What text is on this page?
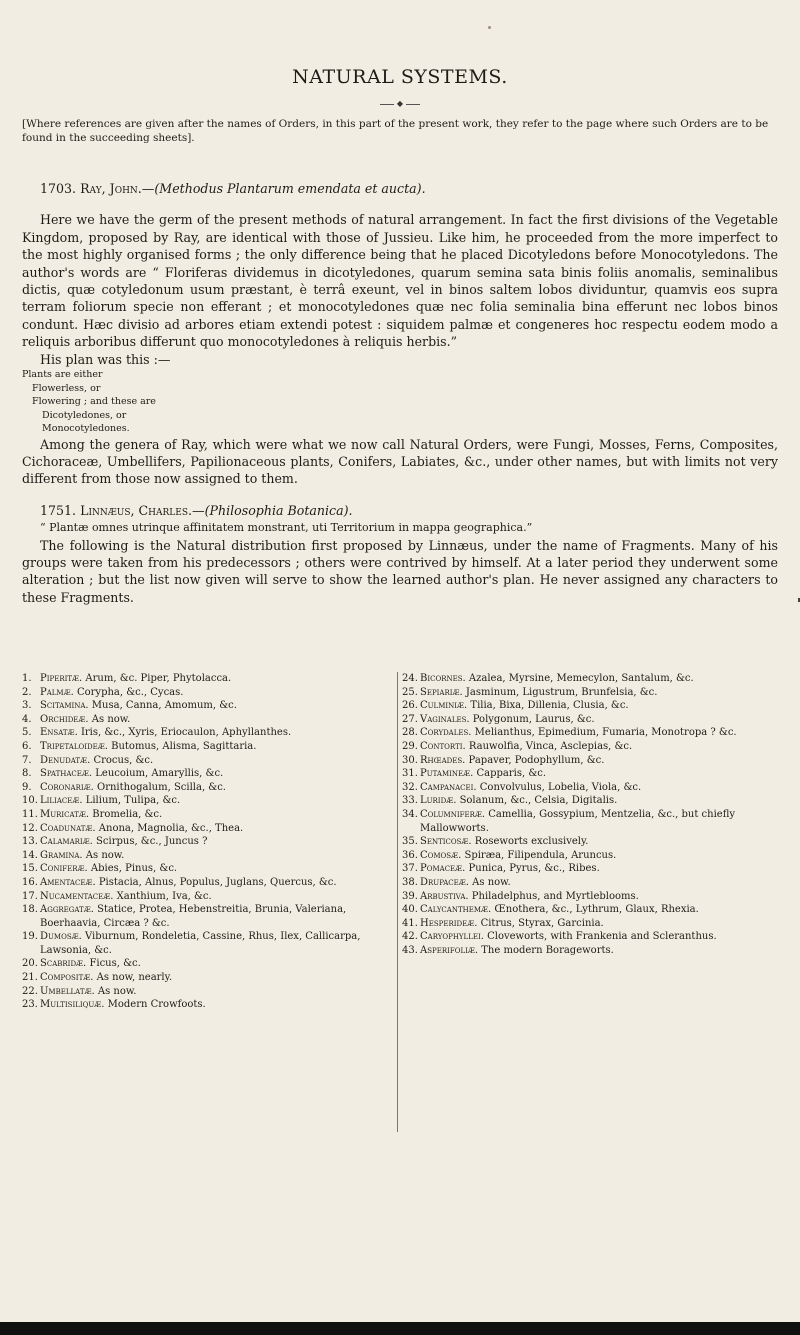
NATURAL SYSTEMS.
◆
[Where references are given after the names of Orders, in this part of the present work, they refer to the page where such Orders are to be found in the succeeding sheets].

1703. Ray, John.—(Methodus Plantarum emendata et aucta).

Here we have the germ of the present methods of natural arrangement. In fact the first divisions of the Vegetable Kingdom, proposed by Ray, are identical with those of Jussieu. Like him, he proceeded from the more imperfect to the most highly organised forms ; the only difference being that he placed Dicotyledons before Monocotyledons. The author's words are “ Floriferas dividemus in dicotyledones, quarum semina sata binis foliis anomalis, seminalibus dictis, quæ cotyledonum usum præstant, è terrâ exeunt, vel in binos saltem lobos dividuntur, quamvis eos supra terram foliorum specie non efferant ; et monocotyledones quæ nec folia seminalia bina efferunt nec lobos binos condunt. Hæc divisio ad arbores etiam extendi potest : siquidem palmæ et congeneres hoc respectu eodem modo a reliquis arboribus differunt quo monocotyledones à reliquis herbis.”

His plan was this :—

Plants are either
Flowerless, or
Flowering ; and these are
Dicotyledones, or
Monocotyledones.

Among the genera of Ray, which were what we now call Natural Orders, were Fungi, Mosses, Ferns, Composites, Cichoraceæ, Umbellifers, Papilionaceous plants, Conifers, Labiates, &c., under other names, but with limits not very different from those now assigned to them.

1751. Linnæus, Charles.—(Philosophia Botanica).

“ Plantæ omnes utrinque affinitatem monstrant, uti Territorium in mappa geographica.”

The following is the Natural distribution first proposed by Linnæus, under the name of Fragments. Many of his groups were taken from his predecessors ; others were contrived by himself. At a later period they underwent some alteration ; but the list now given will serve to show the learned author's plan. He never assigned any characters to these Fragments.

1. Piperitæ. Arum, &c. Piper, Phytolacca.
2. Palmæ. Corypha, &c., Cycas.
3. Scitamina. Musa, Canna, Amomum, &c.
4. Orchideæ. As now.
5. Ensatæ. Iris, &c., Xyris, Eriocaulon, Aphyllanthes.
6. Tripetaloideæ. Butomus, Alisma, Sagittaria.
7. Denudatæ. Crocus, &c.
8. Spathaceæ. Leucoium, Amaryllis, &c.
9. Coronariæ. Ornithogalum, Scilla, &c.
10. Liliaceæ. Lilium, Tulipa, &c.
11. Muricatæ. Bromelia, &c.
12. Coadunatæ. Anona, Magnolia, &c., Thea.
13. Calamariæ. Scirpus, &c., Juncus ?
14. Gramina. As now.
15. Coniferæ. Abies, Pinus, &c.
16. Amentaceæ. Pistacia, Alnus, Populus, Juglans, Quercus, &c.
17. Nucamentaceæ. Xanthium, Iva, &c.
18. Aggregatæ. Statice, Protea, Hebenstreitia, Brunia, Valeriana, Boerhaavia, Circæa ? &c.
19. Dumosæ. Viburnum, Rondeletia, Cassine, Rhus, Ilex, Callicarpa, Lawsonia, &c.
20. Scabridæ. Ficus, &c.
21. Compositæ. As now, nearly.
22. Umbellatæ. As now.
23. Multisiliquæ. Modern Crowfoots.
24. Bicornes. Azalea, Myrsine, Memecylon, Santalum, &c.
25. Sepiariæ. Jasminum, Ligustrum, Brunfelsia, &c.
26. Culminiæ. Tilia, Bixa, Dillenia, Clusia, &c.
27. Vaginales. Polygonum, Laurus, &c.
28. Corydales. Melianthus, Epimedium, Fumaria, Monotropa ? &c.
29. Contorti. Rauwolfia, Vinca, Asclepias, &c.
30. Rhœades. Papaver, Podophyllum, &c.
31. Putamineæ. Capparis, &c.
32. Campanacei. Convolvulus, Lobelia, Viola, &c.
33. Luridæ. Solanum, &c., Celsia, Digitalis.
34. Columniferæ. Camellia, Gossypium, Mentzelia, &c., but chiefly Mallowworts.
35. Senticosæ. Roseworts exclusively.
36. Comosæ. Spiræa, Filipendula, Aruncus.
37. Pomaceæ. Punica, Pyrus, &c., Ribes.
38. Drupaceæ. As now.
39. Arbustiva. Philadelphus, and Myrtleblooms.
40. Calycanthemæ. Œnothera, &c., Lythrum, Glaux, Rhexia.
41. Hesperideæ. Citrus, Styrax, Garcinia.
42. Caryophyllei. Cloveworts, with Frankenia and Scleranthus.
43. Asperifoliæ. The modern Borageworts.
